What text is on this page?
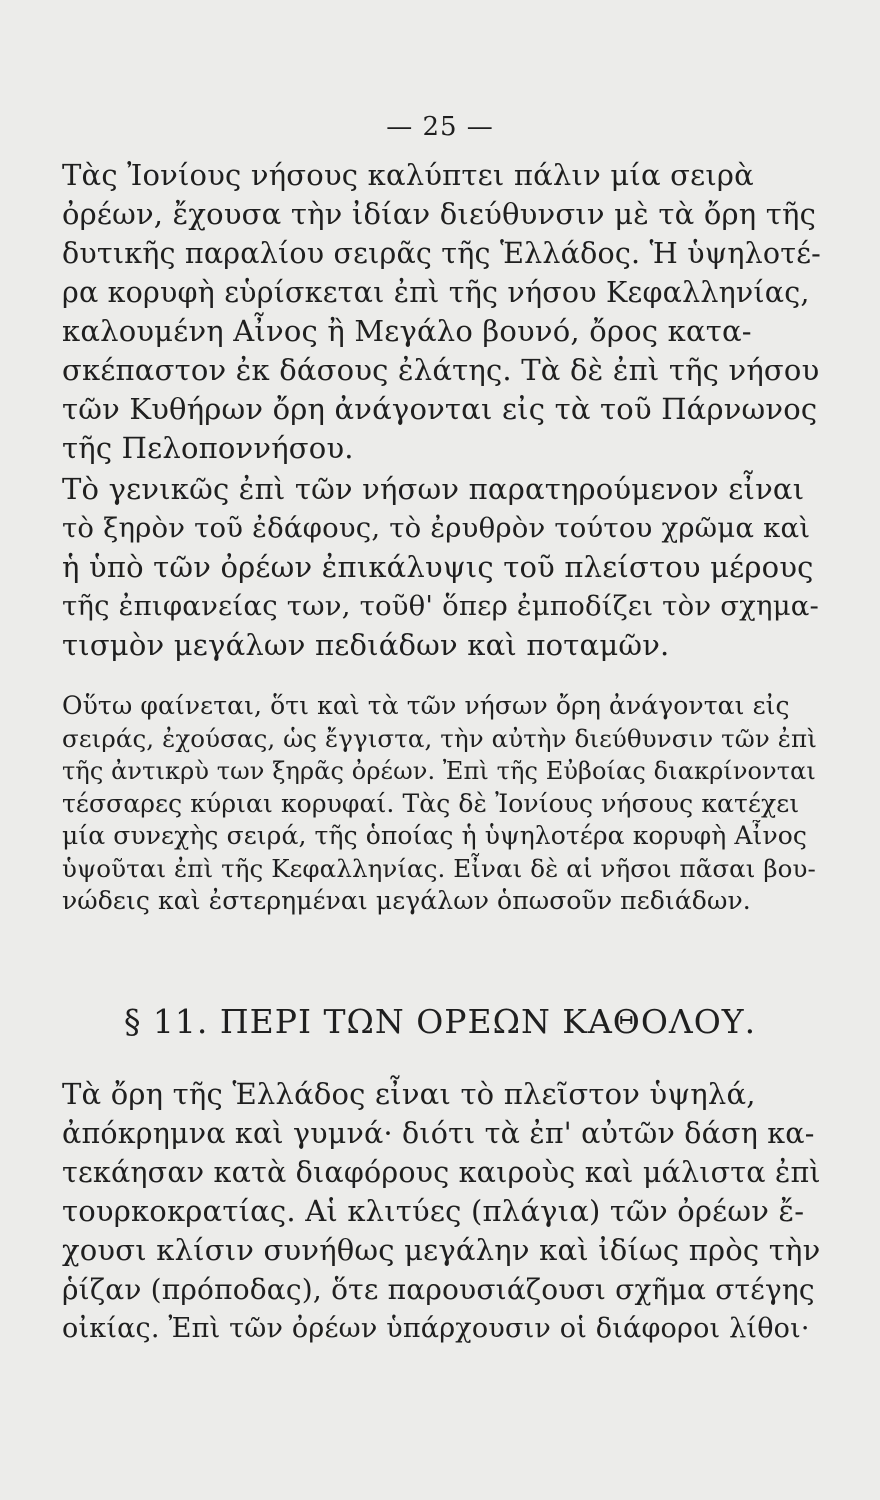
— 25 —
Τὰς Ἰονίους νήσους καλύπτει πάλιν μία σειρὰ
ὀρέων, ἔχουσα τὴν ἰδίαν διεύθυνσιν μὲ τὰ ὄρη τῆς
δυτικῆς παραλίου σειρᾶς τῆς Ἑλλάδος. Ἡ ὑψηλοτέ-
ρα κορυφὴ εὑρίσκεται ἐπὶ τῆς νήσου Κεφαλληνίας,
καλουμένη Αἶνος ἢ Μεγάλο βουνό, ὄρος κατα-
σκέπαστον ἐκ δάσους ἐλάτης. Τὰ δὲ ἐπὶ τῆς νήσου
τῶν Κυθήρων ὄρη ἀνάγονται εἰς τὰ τοῦ Πάρνωνος
τῆς Πελοποννήσου.
Τὸ γενικῶς ἐπὶ τῶν νήσων παρατηρούμενον εἶναι
τὸ ξηρὸν τοῦ ἐδάφους, τὸ ἐρυθρὸν τούτου χρῶμα καὶ
ἡ ὑπὸ τῶν ὀρέων ἐπικάλυψις τοῦ πλείστου μέρους
τῆς ἐπιφανείας των, τοῦθ' ὅπερ ἐμποδίζει τὸν σχημα-
τισμὸν μεγάλων πεδιάδων καὶ ποταμῶν.
Οὕτω φαίνεται, ὅτι καὶ τὰ τῶν νήσων ὄρη ἀνάγονται εἰς
σειράς, ἐχούσας, ὡς ἔγγιστα, τὴν αὐτὴν διεύθυνσιν τῶν ἐπὶ
τῆς ἀντικρὺ των ξηρᾶς ὀρέων. Ἐπὶ τῆς Εὐβοίας διακρίνονται
τέσσαρες κύριαι κορυφαί. Τὰς δὲ Ἰονίους νήσους κατέχει
μία συνεχὴς σειρά, τῆς ὁποίας ἡ ὑψηλοτέρα κορυφὴ Αἶνος
ὑψοῦται ἐπὶ τῆς Κεφαλληνίας. Εἶναι δὲ αἱ νῆσοι πᾶσαι βου-
νώδεις καὶ ἐστερημέναι μεγάλων ὁπωσοῦν πεδιάδων.
§ 11. ΠΕΡΙ ΤΩΝ ΟΡΕΩΝ ΚΑΘΟΛΟΥ.
Τὰ ὄρη τῆς Ἑλλάδος εἶναι τὸ πλεῖστον ὑψηλά,
ἀπόκρημνα καὶ γυμνά· διότι τὰ ἐπ' αὐτῶν δάση κα-
τεκάησαν κατὰ διαφόρους καιροὺς καὶ μάλιστα ἐπὶ
τουρκοκρατίας. Αἱ κλιτύες (πλάγια) τῶν ὀρέων ἔ-
χουσι κλίσιν συνήθως μεγάλην καὶ ἰδίως πρὸς τὴν
ῥίζαν (πρόποδας), ὅτε παρουσιάζουσι σχῆμα στέγης
οἰκίας. Ἐπὶ τῶν ὀρέων ὑπάρχουσιν οἱ διάφοροι λίθοι·
